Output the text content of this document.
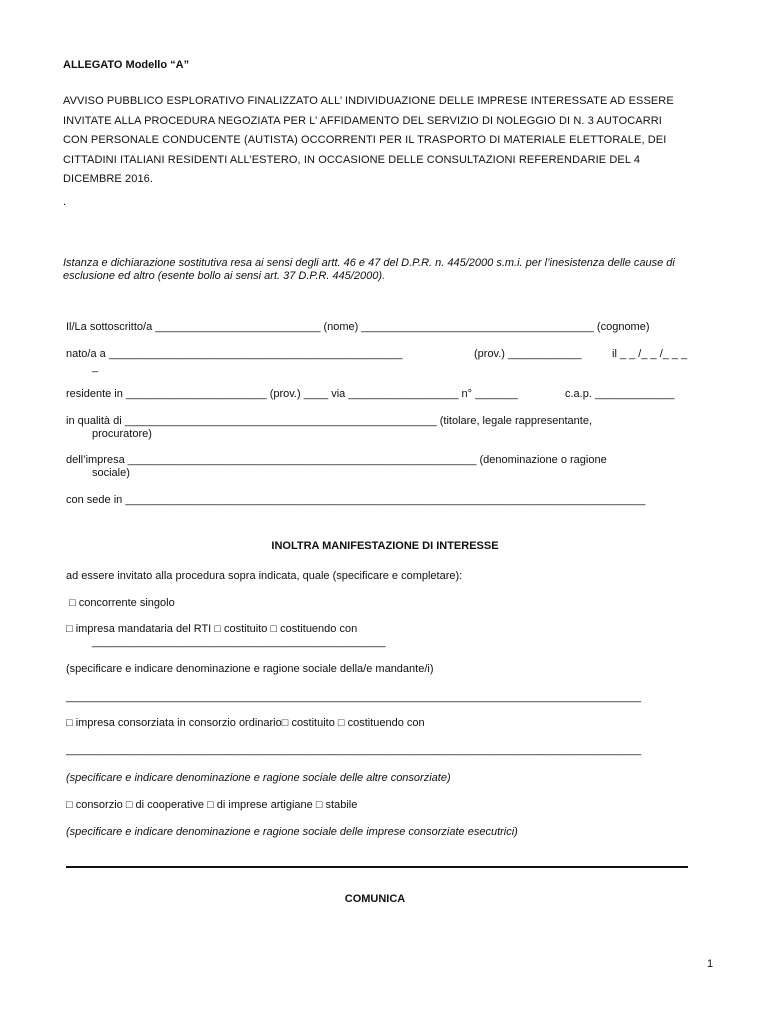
ALLEGATO Modello “A”
AVVISO PUBBLICO ESPLORATIVO FINALIZZATO ALL’ INDIVIDUAZIONE DELLE IMPRESE INTERESSATE AD ESSERE
INVITATE ALLA PROCEDURA NEGOZIATA PER L’ AFFIDAMENTO DEL SERVIZIO DI NOLEGGIO DI N. 3 AUTOCARRI
CON PERSONALE CONDUCENTE (AUTISTA) OCCORRENTI PER IL TRASPORTO DI MATERIALE ELETTORALE, DEI
CITTADINI ITALIANI RESIDENTI ALL’ESTERO, IN OCCASIONE DELLE CONSULTAZIONI REFERENDARIE DEL 4
DICEMBRE 2016.
.
Istanza e dichiarazione sostitutiva resa ai sensi degli artt. 46 e 47 del D.P.R. n. 445/2000 s.m.i. per l’inesistenza delle cause di
esclusione ed altro (esente bollo ai sensi art. 37 D.P.R. 445/2000).
Il/La sottoscritto/a ___________________________ (nome) ______________________________________ (cognome)
nato/a a ________________________________________________	(prov.) ____________	il _ _ /_ _ /_ _ _
_
residente in _______________________ (prov.) ____ via __________________ n° _______	c.a.p. _____________
in qualità di ___________________________________________________ (titolare, legale rappresentante,
procuratore)
dell’impresa _________________________________________________________ (denominazione o ragione
sociale)
con sede in _____________________________________________________________________________________
INOLTRA MANIFESTAZIONE DI INTERESSE
ad essere invitato alla procedura sopra indicata, quale (specificare e completare):
□ concorrente singolo
□ impresa mandataria del RTI □ costituito □ costituendo con
________________________________________________
(specificare e indicare denominazione e ragione sociale della/e mandante/i)
______________________________________________________________________________________________
□ impresa consorziata in consorzio ordinario□ costituito □ costituendo con
______________________________________________________________________________________________
(specificare e indicare denominazione e ragione sociale delle altre consorziate)
□ consorzio □ di cooperative □ di imprese artigiane □ stabile
(specificare e indicare denominazione e ragione sociale delle imprese consorziate esecutrici)
COMUNICA
1
